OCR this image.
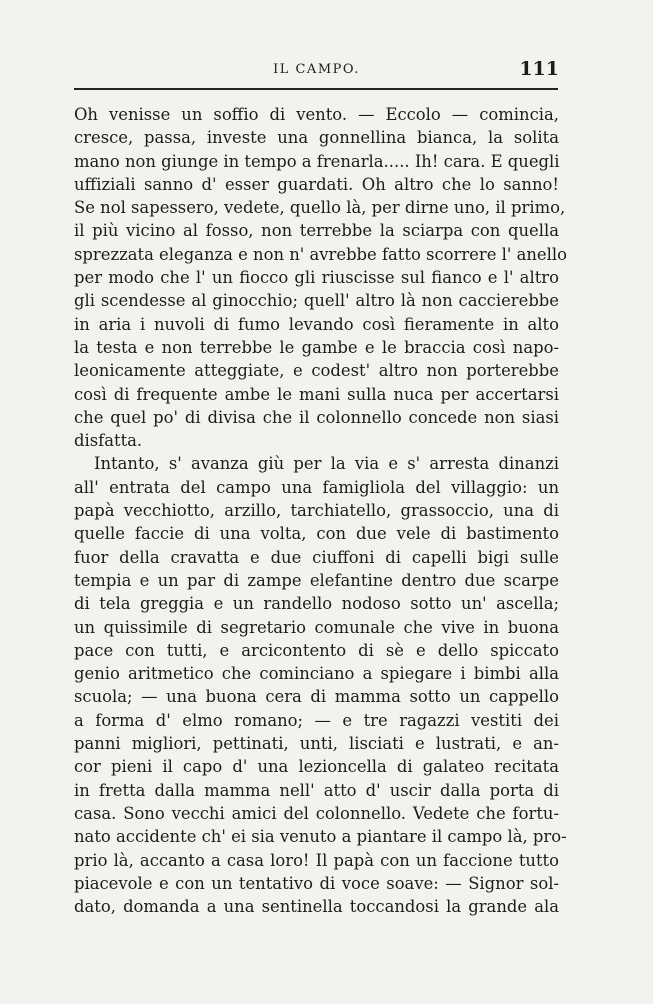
IL CAMPO.	111
Oh venisse un soffio di vento. — Eccolo — comincia,
cresce, passa, investe una gonnellina bianca, la solita
mano non giunge in tempo a frenarla..... Ih! cara. E quegli
uffiziali sanno d' esser guardati. Oh altro che lo sanno!
Se nol sapessero, vedete, quello là, per dirne uno, il primo,
il più vicino al fosso, non terrebbe la sciarpa con quella
sprezzata eleganza e non n' avrebbe fatto scorrere l' anello
per modo che l' un fiocco gli riuscisse sul fianco e l' altro
gli scendesse al ginocchio; quell' altro là non caccierebbe
in aria i nuvoli di fumo levando così fieramente in alto
la testa e non terrebbe le gambe e le braccia così napo-
leonicamente atteggiate, e codest' altro non porterebbe
così di frequente ambe le mani sulla nuca per accertarsi
che quel po' di divisa che il colonnello concede non siasi
disfatta.
Intanto, s' avanza giù per la via e s' arresta dinanzi
all' entrata del campo una famigliola del villaggio: un
papà vecchiotto, arzillo, tarchiatello, grassoccio, una di
quelle faccie di una volta, con due vele di bastimento
fuor della cravatta e due ciuffoni di capelli bigi sulle
tempia e un par di zampe elefantine dentro due scarpe
di tela greggia e un randello nodoso sotto un' ascella;
un quissimile di segretario comunale che vive in buona
pace con tutti, e arcicontento di sè e dello spiccato
genio aritmetico che cominciano a spiegare i bimbi alla
scuola; — una buona cera di mamma sotto un cappello
a forma d' elmo romano; — e tre ragazzi vestiti dei
panni migliori, pettinati, unti, lisciati e lustrati, e an-
cor pieni il capo d' una lezioncella di galateo recitata
in fretta dalla mamma nell' atto d' uscir dalla porta di
casa. Sono vecchi amici del colonnello. Vedete che fortu-
nato accidente ch' ei sia venuto a piantare il campo là, pro-
prio là, accanto a casa loro! Il papà con un faccione tutto
piacevole e con un tentativo di voce soave: — Signor sol-
dato, domanda a una sentinella toccandosi la grande ala
